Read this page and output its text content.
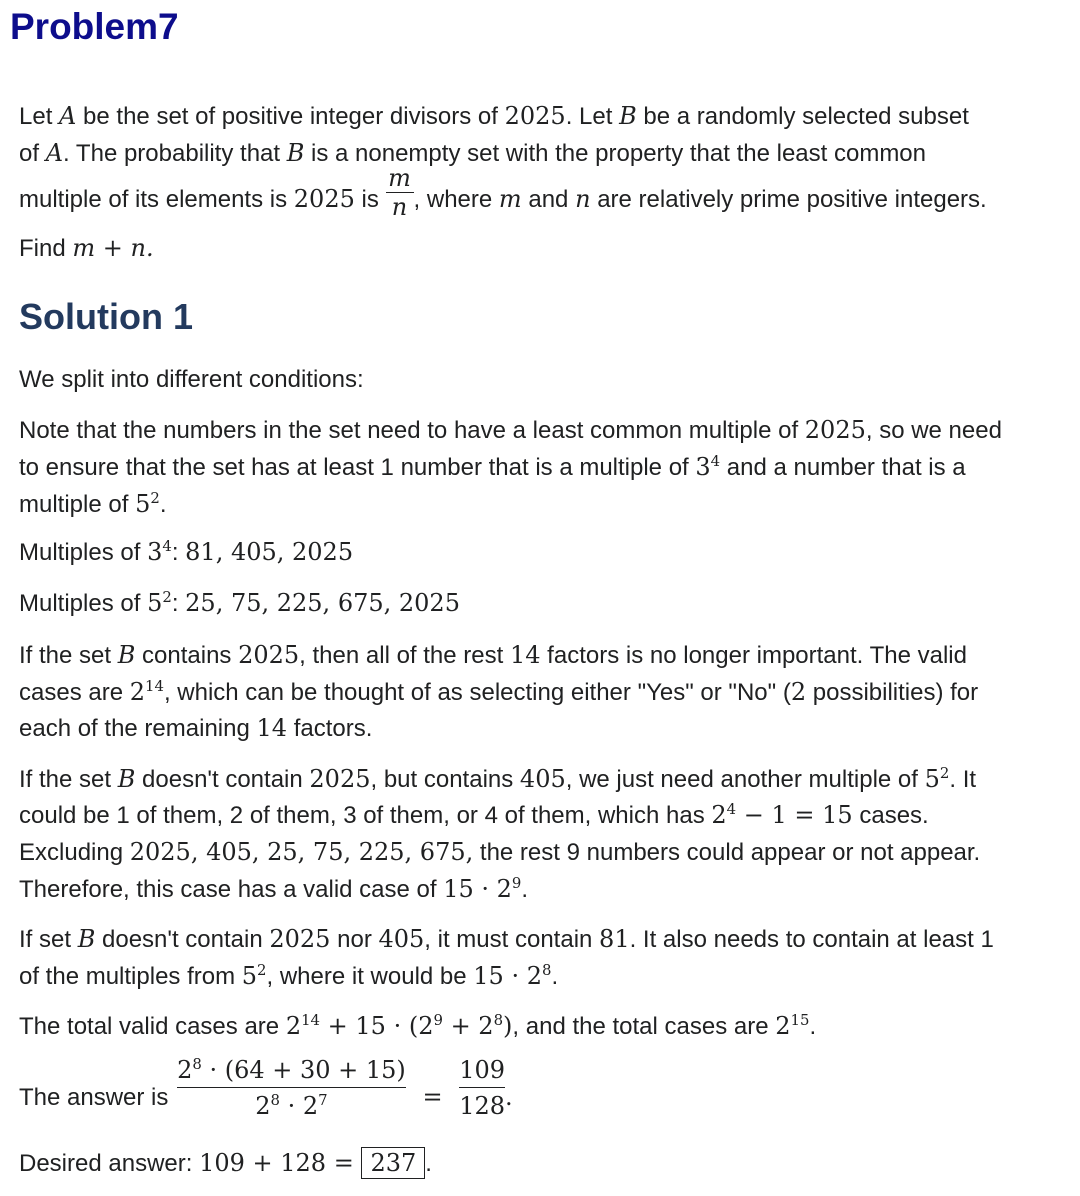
Problem7
Let A be the set of positive integer divisors of 2025. Let B be a randomly selected subset
of A. The probability that B is a nonempty set with the property that the least common
multiple of its elements is 2025 is $\frac{m}{n}$ , where m and n are relatively prime positive integers.
Find m + n.
Solution 1
We split into different conditions:
Note that the numbers in the set need to have a least common multiple of 2025, so we need
to ensure that the set has at least 1 number that is a multiple of $3^4$ and a number that is a
multiple of $5^2$.
Multiples of $3^4$: 81, 405, 2025
Multiples of $5^2$: 25, 75, 225, 675, 2025
If the set B contains 2025, then all of the rest 14 factors is no longer important. The valid
cases are $2^{14}$, which can be thought of as selecting either "Yes" or "No" (2 possibilities) for
each of the remaining 14 factors.
If the set B doesn't contain 2025, but contains 405, we just need another multiple of $5^2$. It
could be 1 of them, 2 of them, 3 of them, or 4 of them, which has $2^4 - 1 = 15$ cases.
Excluding 2025, 405, 25, 75, 225, 675, the rest 9 numbers could appear or not appear.
Therefore, this case has a valid case of $15 \cdot 2^9$.
If set B doesn't contain 2025 nor 405, it must contain 81. It also needs to contain at least 1
of the multiples from $5^2$, where it would be $15 \cdot 2^8$.
The total valid cases are $2^{14} + 15 \cdot (2^9 + 2^8)$, and the total cases are $2^{15}$.
The answer is $\frac{2^8 \cdot (64 + 30 + 15)}{2^8 \cdot 2^7} = \frac{109}{128}$ .
Desired answer: 109 + 128 = 237 .
